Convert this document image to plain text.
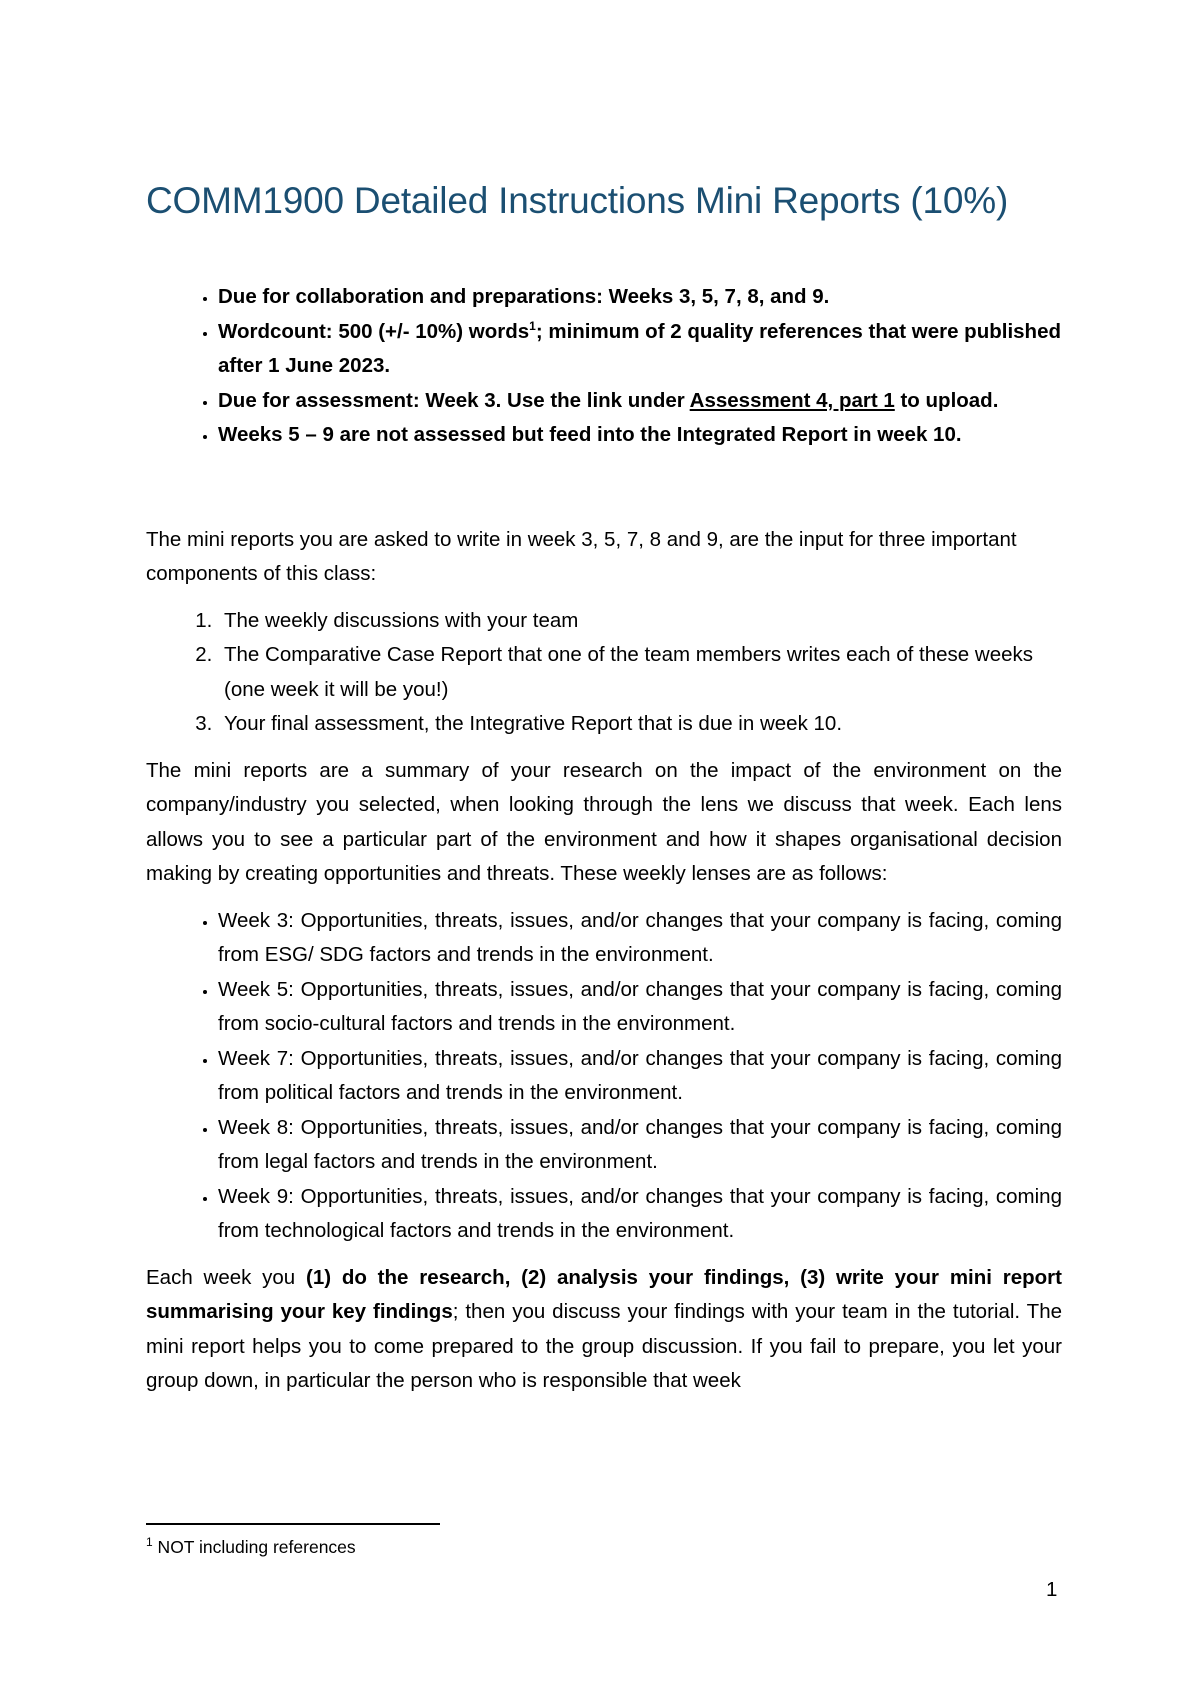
COMM1900 Detailed Instructions Mini Reports (10%)
• Due for collaboration and preparations: Weeks 3, 5, 7, 8, and 9.
• Wordcount: 500 (+/- 10%) words$^1$; minimum of 2 quality references that were published after 1 June 2023.
• Due for assessment: Week 3. Use the link under Assessment 4, part 1 to upload.
• Weeks 5 – 9 are not assessed but feed into the Integrated Report in week 10.

The mini reports you are asked to write in week 3, 5, 7, 8 and 9, are the input for three important components of this class:

1. The weekly discussions with your team
2. The Comparative Case Report that one of the team members writes each of these weeks (one week it will be you!)
3. Your final assessment, the Integrative Report that is due in week 10.

The mini reports are a summary of your research on the impact of the environment on the company/industry you selected, when looking through the lens we discuss that week. Each lens allows you to see a particular part of the environment and how it shapes organisational decision making by creating opportunities and threats. These weekly lenses are as follows:

• Week 3: Opportunities, threats, issues, and/or changes that your company is facing, coming from ESG/ SDG factors and trends in the environment.
• Week 5: Opportunities, threats, issues, and/or changes that your company is facing, coming from socio-cultural factors and trends in the environment.
• Week 7: Opportunities, threats, issues, and/or changes that your company is facing, coming from political factors and trends in the environment.
• Week 8: Opportunities, threats, issues, and/or changes that your company is facing, coming from legal factors and trends in the environment.
• Week 9: Opportunities, threats, issues, and/or changes that your company is facing, coming from technological factors and trends in the environment.

Each week you (1) do the research, (2) analysis your findings, (3) write your mini report summarising your key findings; then you discuss your findings with your team in the tutorial. The mini report helps you to come prepared to the group discussion. If you fail to prepare, you let your group down, in particular the person who is responsible that week

$^1$ NOT including references
1
